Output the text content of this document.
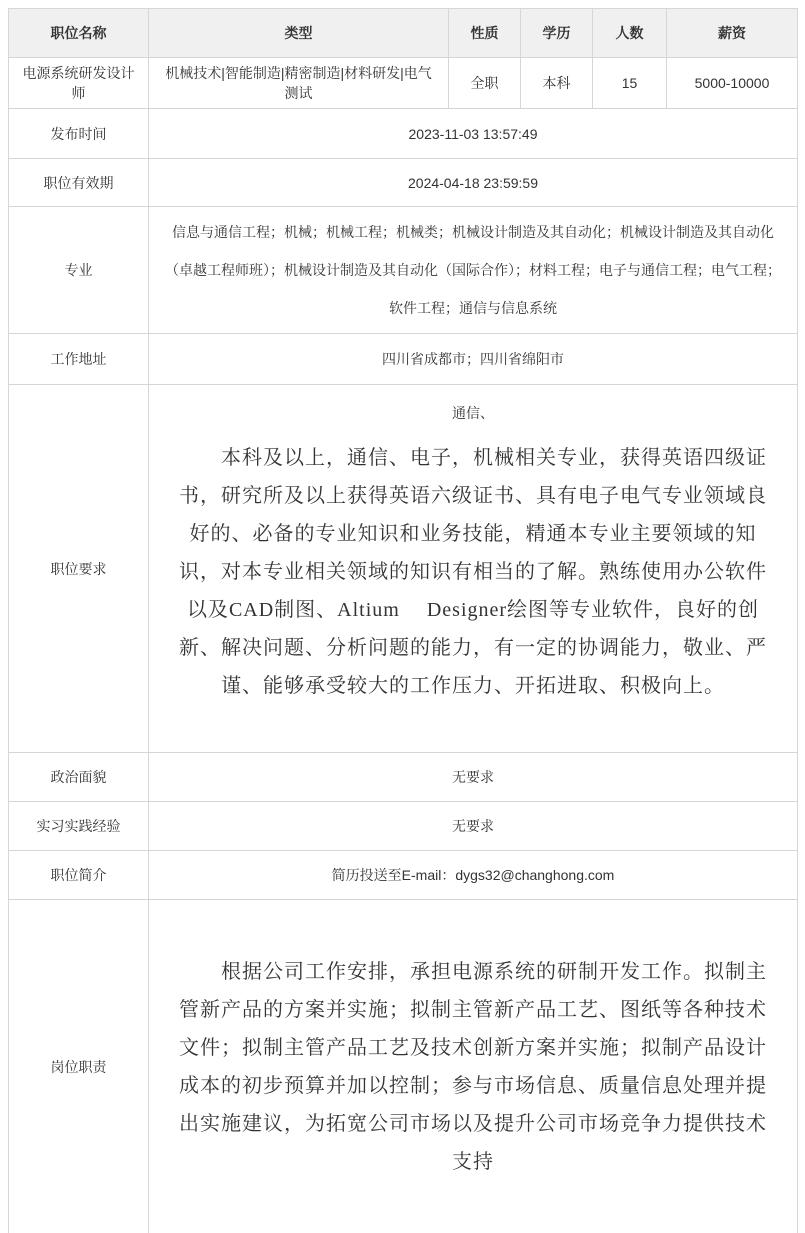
职位名称	类型	性质	学历	人数	薪资
电源系统研发设计师	机械技术|智能制造|精密制造|材料研发|电气测试	全职	本科	15	5000-10000
发布时间	2023-11-03 13:57:49				
职位有效期	2024-04-18 23:59:59				
专业	信息与通信工程；机械；机械工程；机械类；机械设计制造及其自动化；机械设计制造及其自动化（卓越工程师班）；机械设计制造及其自动化（国际合作）；材料工程；电子与通信工程；电气工程；软件工程；通信与信息系统				
工作地址	四川省成都市；四川省绵阳市				
职位要求	通信、

　　本科及以上，通信、电子，机械相关专业，获得英语四级证书，研究所及以上获得英语六级证书、具有电子电气专业领域良好的、必备的专业知识和业务技能，精通本专业主要领域的知识，对本专业相关领域的知识有相当的了解。熟练使用办公软件以及CAD制图、Altium　 Designer绘图等专业软件，良好的创新、解决问题、分析问题的能力，有一定的协调能力，敬业、严谨、能够承受较大的工作压力、开拓进取、积极向上。				

政治面貌	无要求				
实习实践经验	无要求				
职位简介	简历投送至E-mail：dygs32@changhong.com				
岗位职责	　　根据公司工作安排，承担电源系统的研制开发工作。拟制主管新产品的方案并实施；拟制主管新产品工艺、图纸等各种技术文件；拟制主管产品工艺及技术创新方案并实施；拟制产品设计成本的初步预算并加以控制；参与市场信息、质量信息处理并提出实施建议，为拓宽公司市场以及提升公司市场竞争力提供技术支持				
